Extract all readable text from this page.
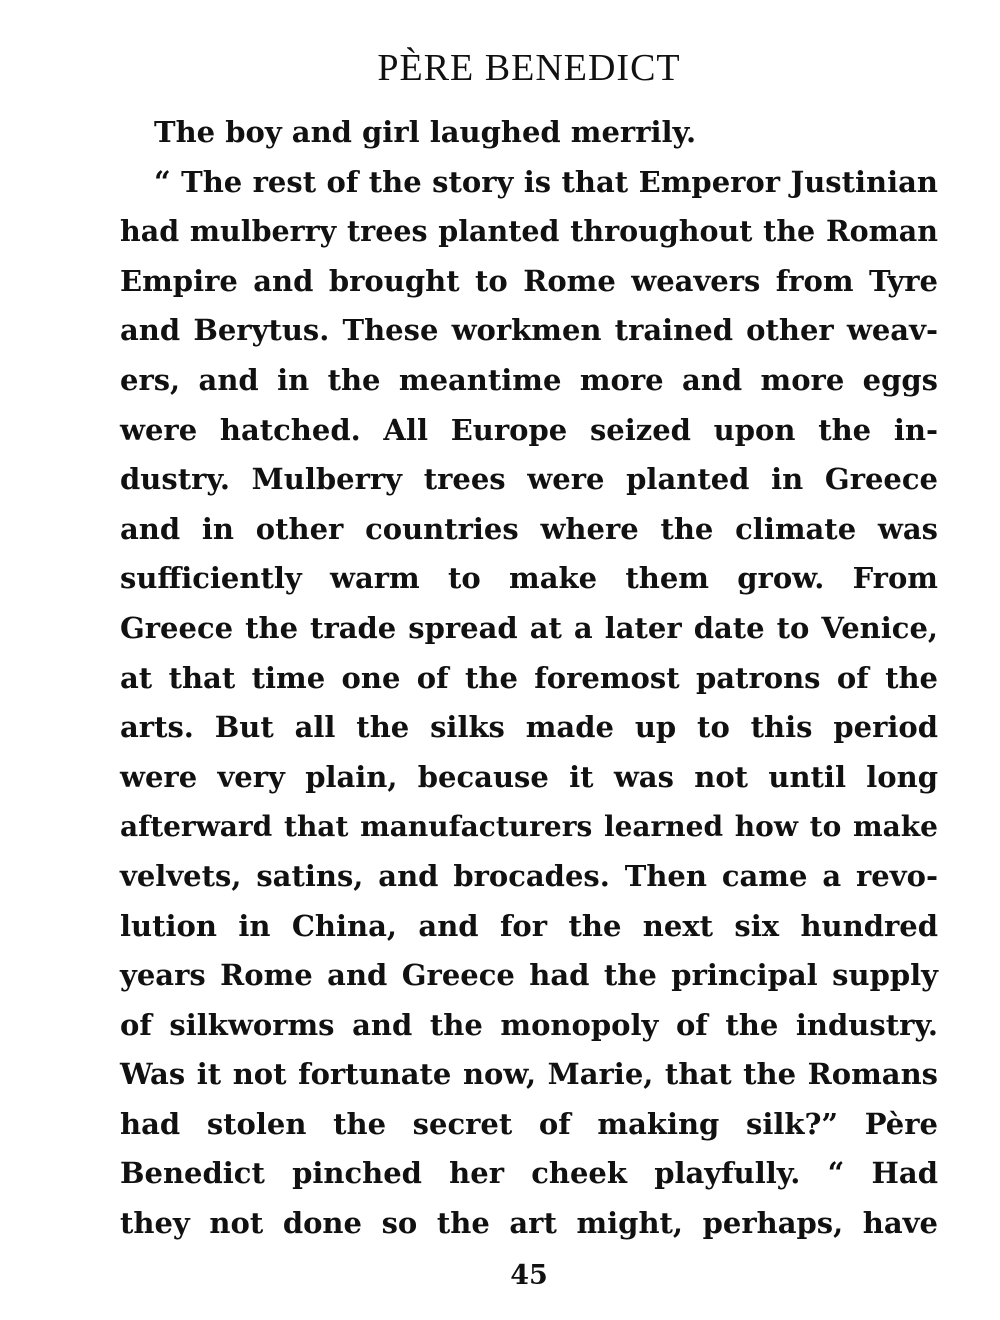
PÈRE BENEDICT
The boy and girl laughed merrily.
“ The rest of the story is that Emperor Justinian
had mulberry trees planted throughout the Roman
Empire and brought to Rome weavers from Tyre
and Berytus. These workmen trained other weav-
ers, and in the meantime more and more eggs
were hatched. All Europe seized upon the in-
dustry. Mulberry trees were planted in Greece
and in other countries where the climate was
sufficiently warm to make them grow. From
Greece the trade spread at a later date to Venice,
at that time one of the foremost patrons of the
arts. But all the silks made up to this period
were very plain, because it was not until long
afterward that manufacturers learned how to make
velvets, satins, and brocades. Then came a revo-
lution in China, and for the next six hundred
years Rome and Greece had the principal supply
of silkworms and the monopoly of the industry.
Was it not fortunate now, Marie, that the Romans
had stolen the secret of making silk?” Père
Benedict pinched her cheek playfully. “ Had
they not done so the art might, perhaps, have
45
